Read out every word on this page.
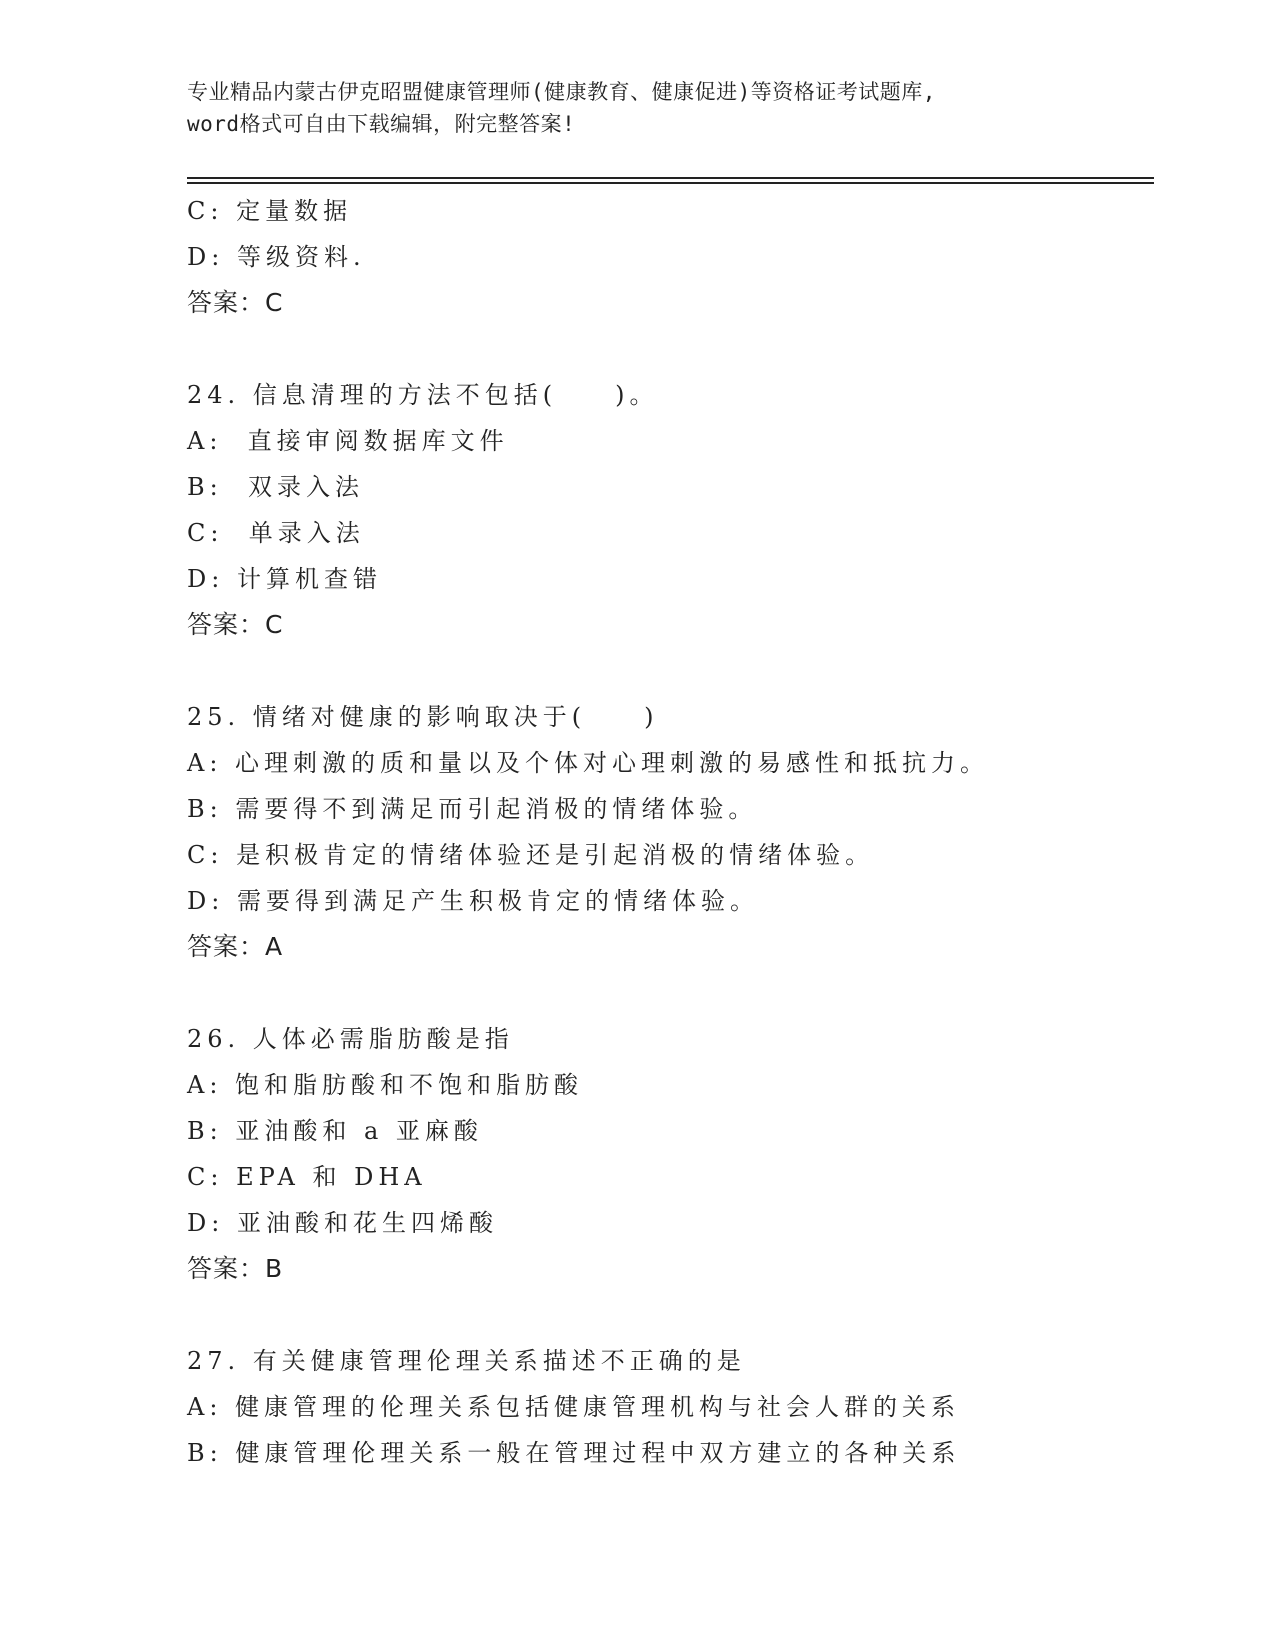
专业精品内蒙古伊克昭盟健康管理师(健康教育、健康促进)等资格证考试题库,
word格式可自由下载编辑，附完整答案!
C: 定量数据
D: 等级资料.
答案：C
24. 信息清理的方法不包括(　　)。
A:  直接审阅数据库文件
B:  双录入法
C:  单录入法
D: 计算机查错
答案：C
25. 情绪对健康的影响取决于(　　)
A: 心理刺激的质和量以及个体对心理刺激的易感性和抵抗力。
B: 需要得不到满足而引起消极的情绪体验。
C: 是积极肯定的情绪体验还是引起消极的情绪体验。
D: 需要得到满足产生积极肯定的情绪体验。
答案：A
26. 人体必需脂肪酸是指
A: 饱和脂肪酸和不饱和脂肪酸
B: 亚油酸和 a 亚麻酸
C: EPA 和 DHA
D: 亚油酸和花生四烯酸
答案：B
27. 有关健康管理伦理关系描述不正确的是
A: 健康管理的伦理关系包括健康管理机构与社会人群的关系
B: 健康管理伦理关系一般在管理过程中双方建立的各种关系
